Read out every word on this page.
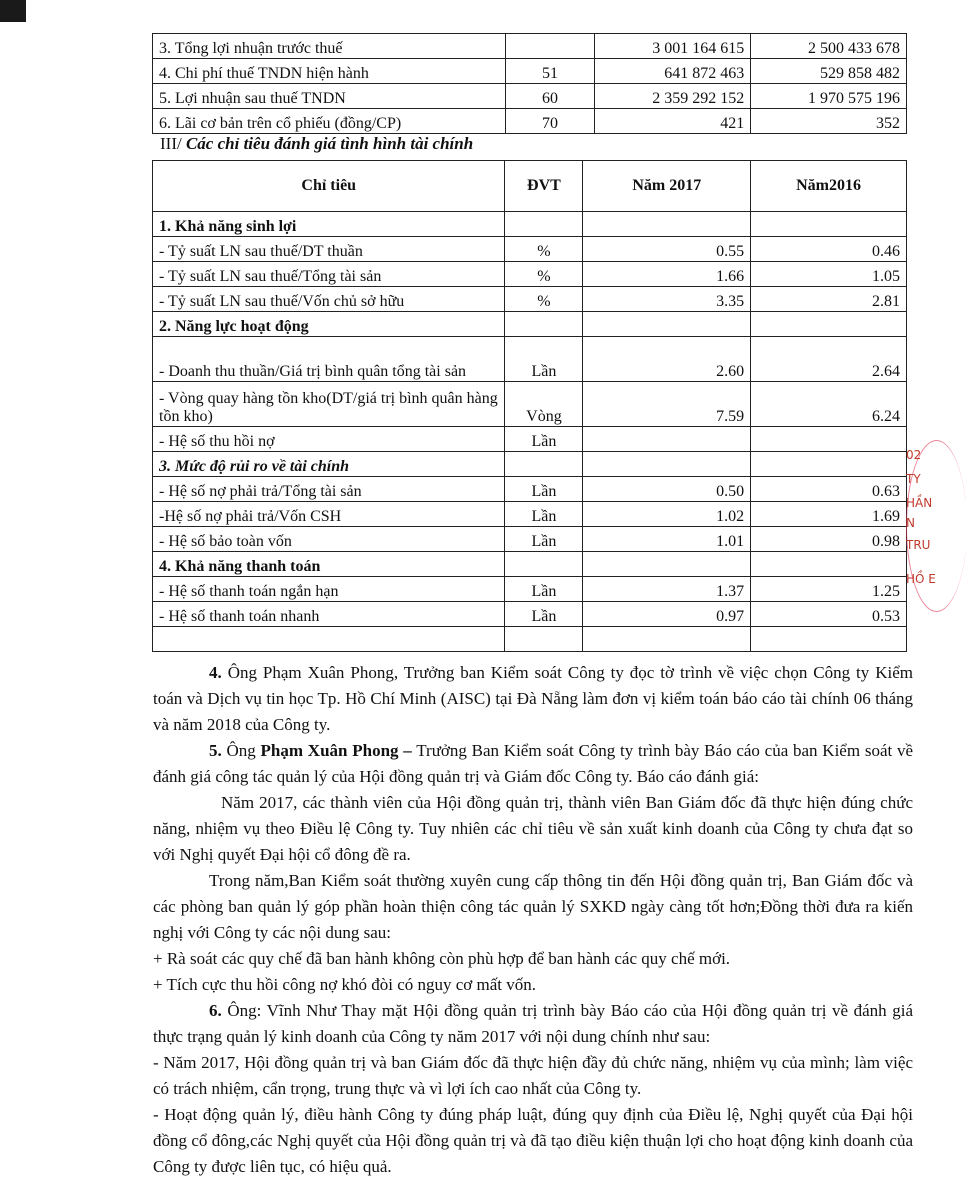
3. Tổng lợi nhuận trước thuế		3 001 164 615	2 500 433 678
4. Chi phí thuế TNDN hiện hành	51	641 872 463	529 858 482
5. Lợi nhuận sau thuế TNDN	60	2 359 292 152	1 970 575 196
6. Lãi cơ bản trên cổ phiếu (đồng/CP)	70	421	352
III/ Các chỉ tiêu đánh giá tình hình tài chính
Chỉ tiêu	ĐVT	Năm 2017	Năm2016
1. Khả năng sinh lợi			
- Tỷ suất LN sau thuế/DT thuần	%	0.55	0.46
- Tỷ suất LN sau thuế/Tổng tài sản	%	1.66	1.05
- Tỷ suất LN sau thuế/Vốn chủ sở hữu	%	3.35	2.81
2. Năng lực hoạt động			
- Doanh thu thuần/Giá trị bình quân tổng tài sản	Lần	2.60	2.64
- Vòng quay hàng tồn kho(DT/giá trị bình quân hàng tồn kho)	Vòng	7.59	6.24
- Hệ số thu hồi nợ	Lần		
3. Mức độ rủi ro về tài chính			
- Hệ số nợ phải trả/Tổng tài sản	Lần	0.50	0.63
-Hệ số nợ phải trả/Vốn CSH	Lần	1.02	1.69
- Hệ số bảo toàn vốn	Lần	1.01	0.98
4. Khả năng thanh toán			
- Hệ số thanh toán ngắn hạn	Lần	1.37	1.25
- Hệ số thanh toán nhanh	Lần	0.97	0.53

02
TY
HẦN
N
TRU
HỒ E

4. Ông Phạm Xuân Phong, Trưởng ban Kiểm soát Công ty đọc tờ trình về việc chọn Công ty Kiểm toán và Dịch vụ tin học Tp. Hồ Chí Minh (AISC) tại Đà Nẵng làm đơn vị kiểm toán báo cáo tài chính 06 tháng và năm 2018 của Công ty.

5. Ông Phạm Xuân Phong – Trưởng Ban Kiểm soát Công ty trình bày Báo cáo của ban Kiểm soát về đánh giá công tác quản lý của Hội đồng quản trị và Giám đốc Công ty. Báo cáo đánh giá:

Năm 2017, các thành viên của Hội đồng quản trị, thành viên Ban Giám đốc đã thực hiện đúng chức năng, nhiệm vụ theo Điều lệ Công ty. Tuy nhiên các chỉ tiêu về sản xuất kinh doanh của Công ty chưa đạt so với Nghị quyết Đại hội cổ đông đề ra.

Trong năm,Ban Kiểm soát thường xuyên cung cấp thông tin đến Hội đồng quản trị, Ban Giám đốc và các phòng ban quản lý góp phần hoàn thiện công tác quản lý SXKD ngày càng tốt hơn;Đồng thời đưa ra kiến nghị với Công ty các nội dung sau:

+ Rà soát các quy chế đã ban hành không còn phù hợp để ban hành các quy chế mới.

+ Tích cực thu hồi công nợ khó đòi có nguy cơ mất vốn.

6. Ông: Vĩnh Như Thay mặt Hội đồng quản trị trình bày Báo cáo của Hội đồng quản trị về đánh giá thực trạng quản lý kinh doanh của Công ty năm 2017 với nội dung chính như sau:

- Năm 2017, Hội đồng quản trị và ban Giám đốc đã thực hiện đầy đủ chức năng, nhiệm vụ của mình; làm việc có trách nhiệm, cẩn trọng, trung thực và vì lợi ích cao nhất của Công ty.

- Hoạt động quản lý, điều hành Công ty đúng pháp luật, đúng quy định của Điều lệ, Nghị quyết của Đại hội đồng cổ đông,các Nghị quyết của Hội đồng quản trị và đã tạo điều kiện thuận lợi cho hoạt động kinh doanh của Công ty được liên tục, có hiệu quả.
